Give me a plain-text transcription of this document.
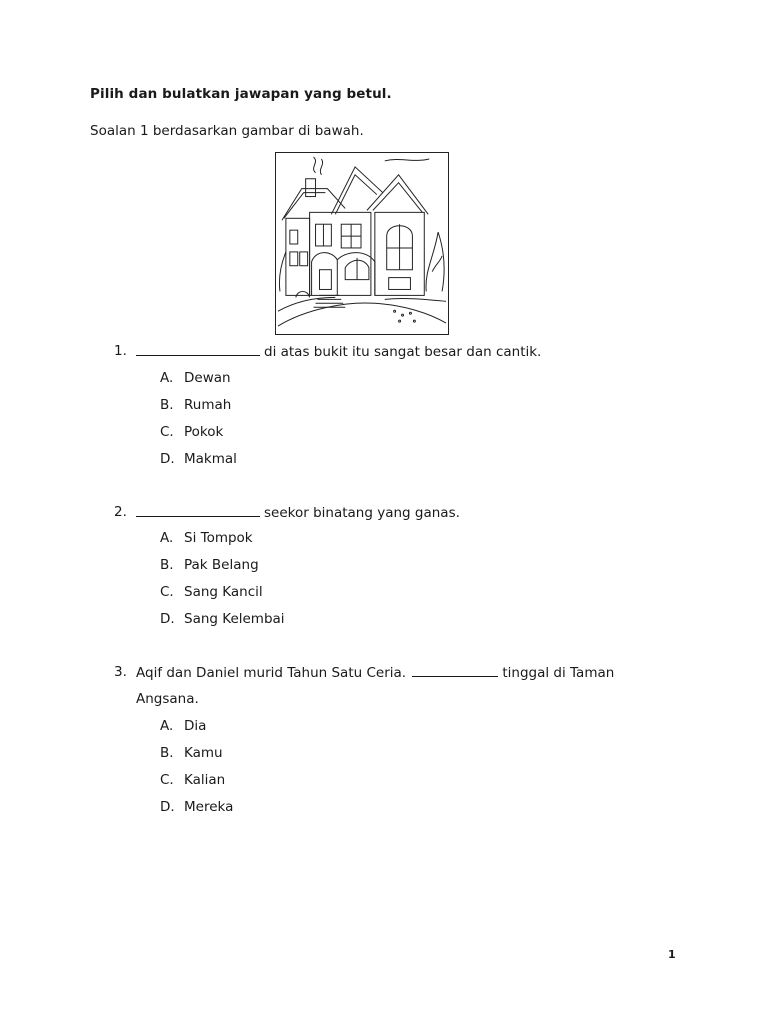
Pilih dan bulatkan jawapan yang betul.
Soalan 1 berdasarkan gambar di bawah.
1.	di atas bukit itu sangat besar dan cantik.
A. Dewan
B. Rumah
C. Pokok
D. Makmal
2.	seekor binatang yang ganas.
A. Si Tompok
B. Pak Belang
C. Sang Kancil
D. Sang Kelembai
3. Aqif dan Daniel murid Tahun Satu Ceria.	tinggal di Taman
Angsana.
A. Dia
B. Kamu
C. Kalian
D. Mereka
1
